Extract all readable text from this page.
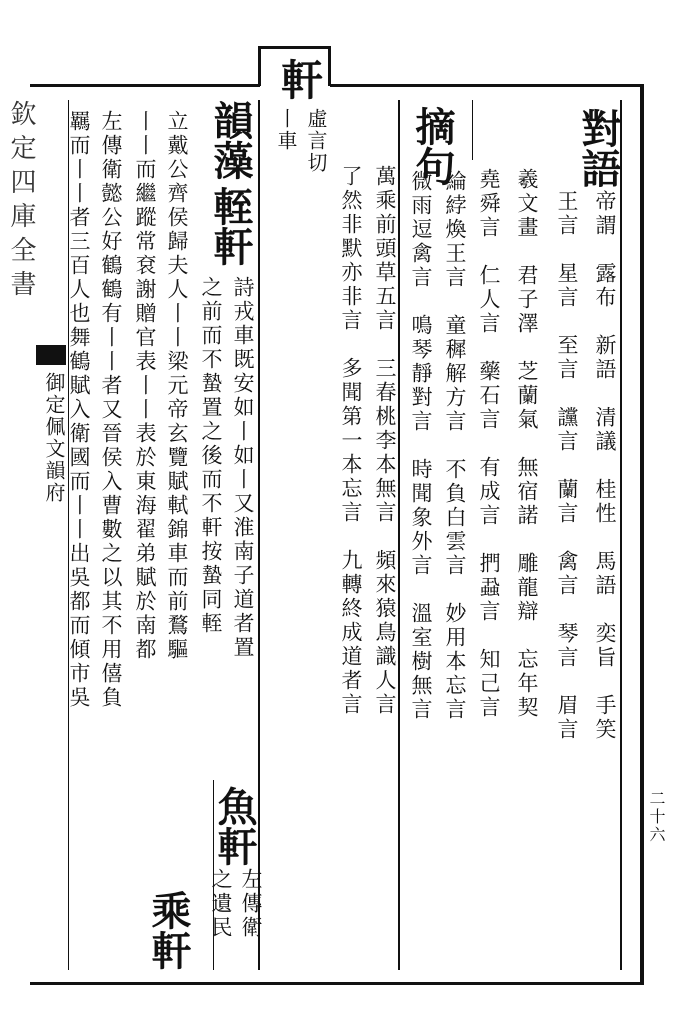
欽定四庫全書
御定佩文韻府
二十六
軒
虛言切
丨車	對語
帝謂　露布　新語　清議　桂性　馬語　奕旨　手笑
王言　星言　至言　讜言　蘭言　禽言　琴言　眉言
羲文畫　君子澤　芝蘭氣　無宿諾　雕龍辯　忘年契
堯舜言　仁人言　藥石言　有成言　捫蝨言　知己言
摘句
綸綍煥王言　童穉解方言　不負白雲言　妙用本忘言
微雨逗禽言　鳴琴靜對言　時聞象外言　溫室樹無言
萬乘前頭草五言　三春桃李本無言　頻來猿鳥識人言
了然非默亦非言　多聞第一本忘言　九轉終成道者言
韻藻
輊軒
詩戎車既安如丨如丨又淮南子道者置
之前而不蟄置之後而不軒按蟄同輊
立戴公齊侯歸夫人丨丨梁元帝玄覽賦軾錦車而前鶩驅
丨丨而繼蹤常袞謝贈官表丨丨表於東海翟弟賦於南都
左傳衛懿公好鶴鶴有丨丨者又晉侯入曹數之以其不用僖負
羈而丨丨者三百人也舞鶴賦入衛國而丨丨出吳都而傾市吳
魚軒
左傳衛
之遺民
乘軒
